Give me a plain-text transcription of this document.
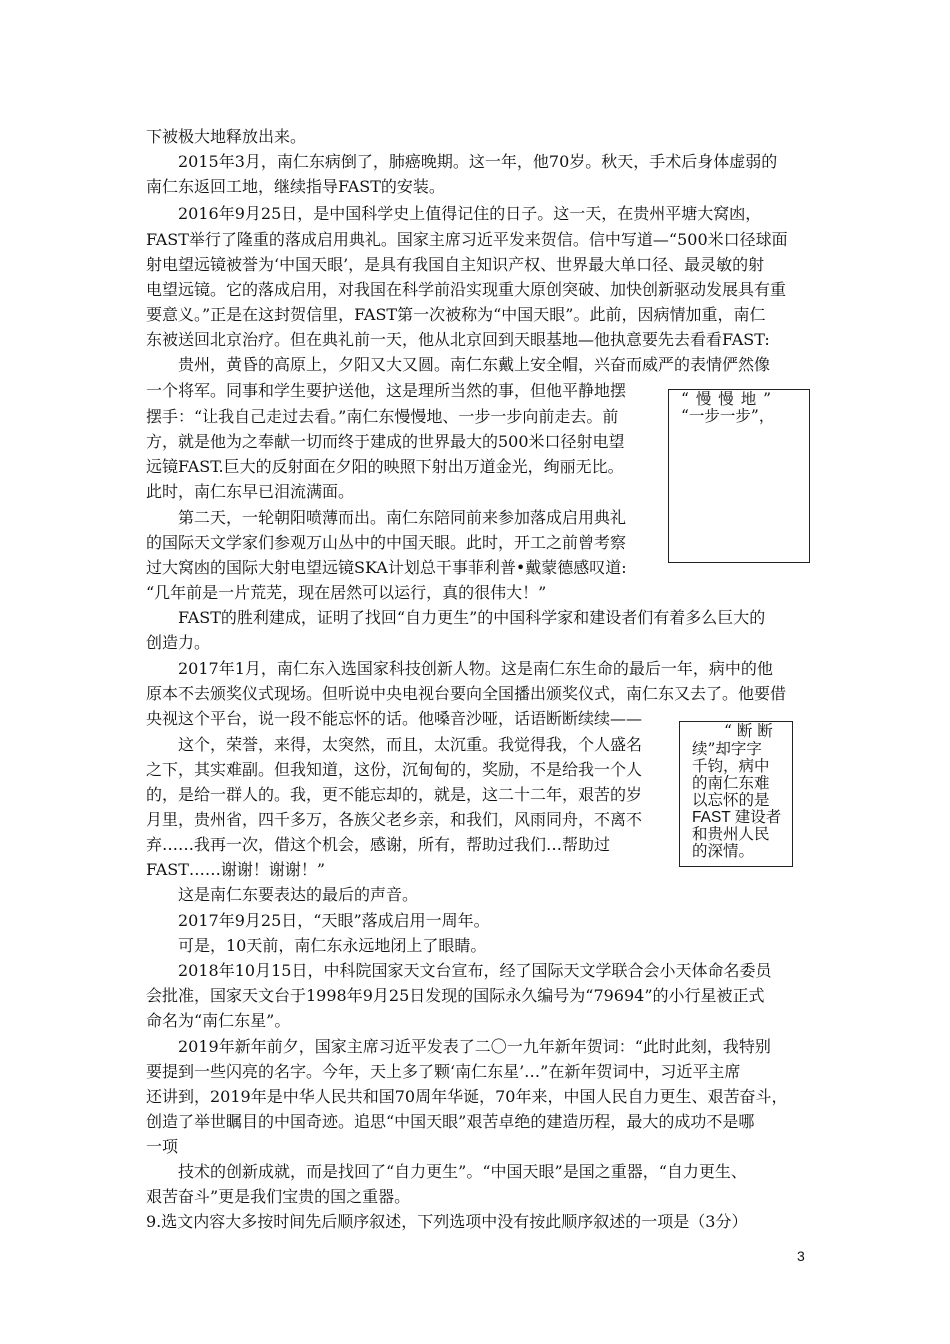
下被极大地释放出来。
2015年3月，南仁东病倒了，肺癌晚期。这一年，他70岁。秋天，手术后身体虚弱的
南仁东返回工地，继续指导FAST的安装。
2016年9月25日，是中国科学史上值得记住的日子。这一天，在贵州平塘大窝凼，
FAST举行了隆重的落成启用典礼。国家主席习近平发来贺信。信中写道—“500米口径球面
射电望远镜被誉为‘中国天眼’，是具有我国自主知识产权、世界最大单口径、最灵敏的射
电望远镜。它的落成启用，对我国在科学前沿实现重大原创突破、加快创新驱动发展具有重
要意义。”正是在这封贺信里，FAST第一次被称为“中国天眼”。此前，因病情加重，南仁
东被送回北京治疗。但在典礼前一天，他从北京回到天眼基地—他执意要先去看看FAST:
贵州，黄昏的高原上，夕阳又大又圆。南仁东戴上安全帽，兴奋而威严的表情俨然像
一个将军。同事和学生要护送他，这是理所当然的事，但他平静地摆
摆手：“让我自己走过去看。”南仁东慢慢地、一步一步向前走去。前
方，就是他为之奉献一切而终于建成的世界最大的500米口径射电望
远镜FAST.巨大的反射面在夕阳的映照下射出万道金光，绚丽无比。
此时，南仁东早已泪流满面。
第二天，一轮朝阳喷薄而出。南仁东陪同前来参加落成启用典礼
的国际天文学家们参观万山丛中的中国天眼。此时，开工之前曾考察
过大窝凼的国际大射电望远镜SKA计划总干事菲利普•戴蒙德感叹道:
“几年前是一片荒芜，现在居然可以运行，真的很伟大！”
FAST的胜利建成，证明了找回“自力更生”的中国科学家和建设者们有着多么巨大的
创造力。
2017年1月，南仁东入选国家科技创新人物。这是南仁东生命的最后一年，病中的他
原本不去颁奖仪式现场。但听说中央电视台要向全国播出颁奖仪式，南仁东又去了。他要借
央视这个平台，说一段不能忘怀的话。他嗓音沙哑，话语断断续续——
这个，荣誉，来得，太突然，而且，太沉重。我觉得我，个人盛名
之下，其实难副。但我知道，这份，沉甸甸的，奖励，不是给我一个人
的，是给一群人的。我，更不能忘却的，就是，这二十二年，艰苦的岁
月里，贵州省，四千多万，各族父老乡亲，和我们，风雨同舟，不离不
弃……我再一次，借这个机会，感谢，所有，帮助过我们…帮助过
FAST……谢谢！谢谢！”
这是南仁东要表达的最后的声音。
2017年9月25日，“天眼”落成启用一周年。
可是，10天前，南仁东永远地闭上了眼睛。
2018年10月15日，中科院国家天文台宣布，经了国际天文学联合会小天体命名委员
会批准，国家天文台于1998年9月25日发现的国际永久编号为“79694”的小行星被正式
命名为“南仁东星”。
2019年新年前夕，国家主席习近平发表了二〇一九年新年贺词：“此时此刻，我特别
要提到一些闪亮的名字。今年，天上多了颗‘南仁东星’…”在新年贺词中，习近平主席
还讲到，2019年是中华人民共和国70周年华诞，70年来，中国人民自力更生、艰苦奋斗，
创造了举世瞩目的中国奇迹。追思“中国天眼”艰苦卓绝的建造历程，最大的成功不是哪
一项
技术的创新成就，而是找回了“自力更生”。“中国天眼”是国之重器，“自力更生、
艰苦奋斗”更是我们宝贵的国之重器。
9.选文内容大多按时间先后顺序叙述，下列选项中没有按此顺序叙述的一项是（3分）
“ 慢 慢 地 ”
“一步一步”，
“ 断 断
续”却字字
千钧，病中
的南仁东难
以忘怀的是
FAST 建设者
和贵州人民
的深情。
3
